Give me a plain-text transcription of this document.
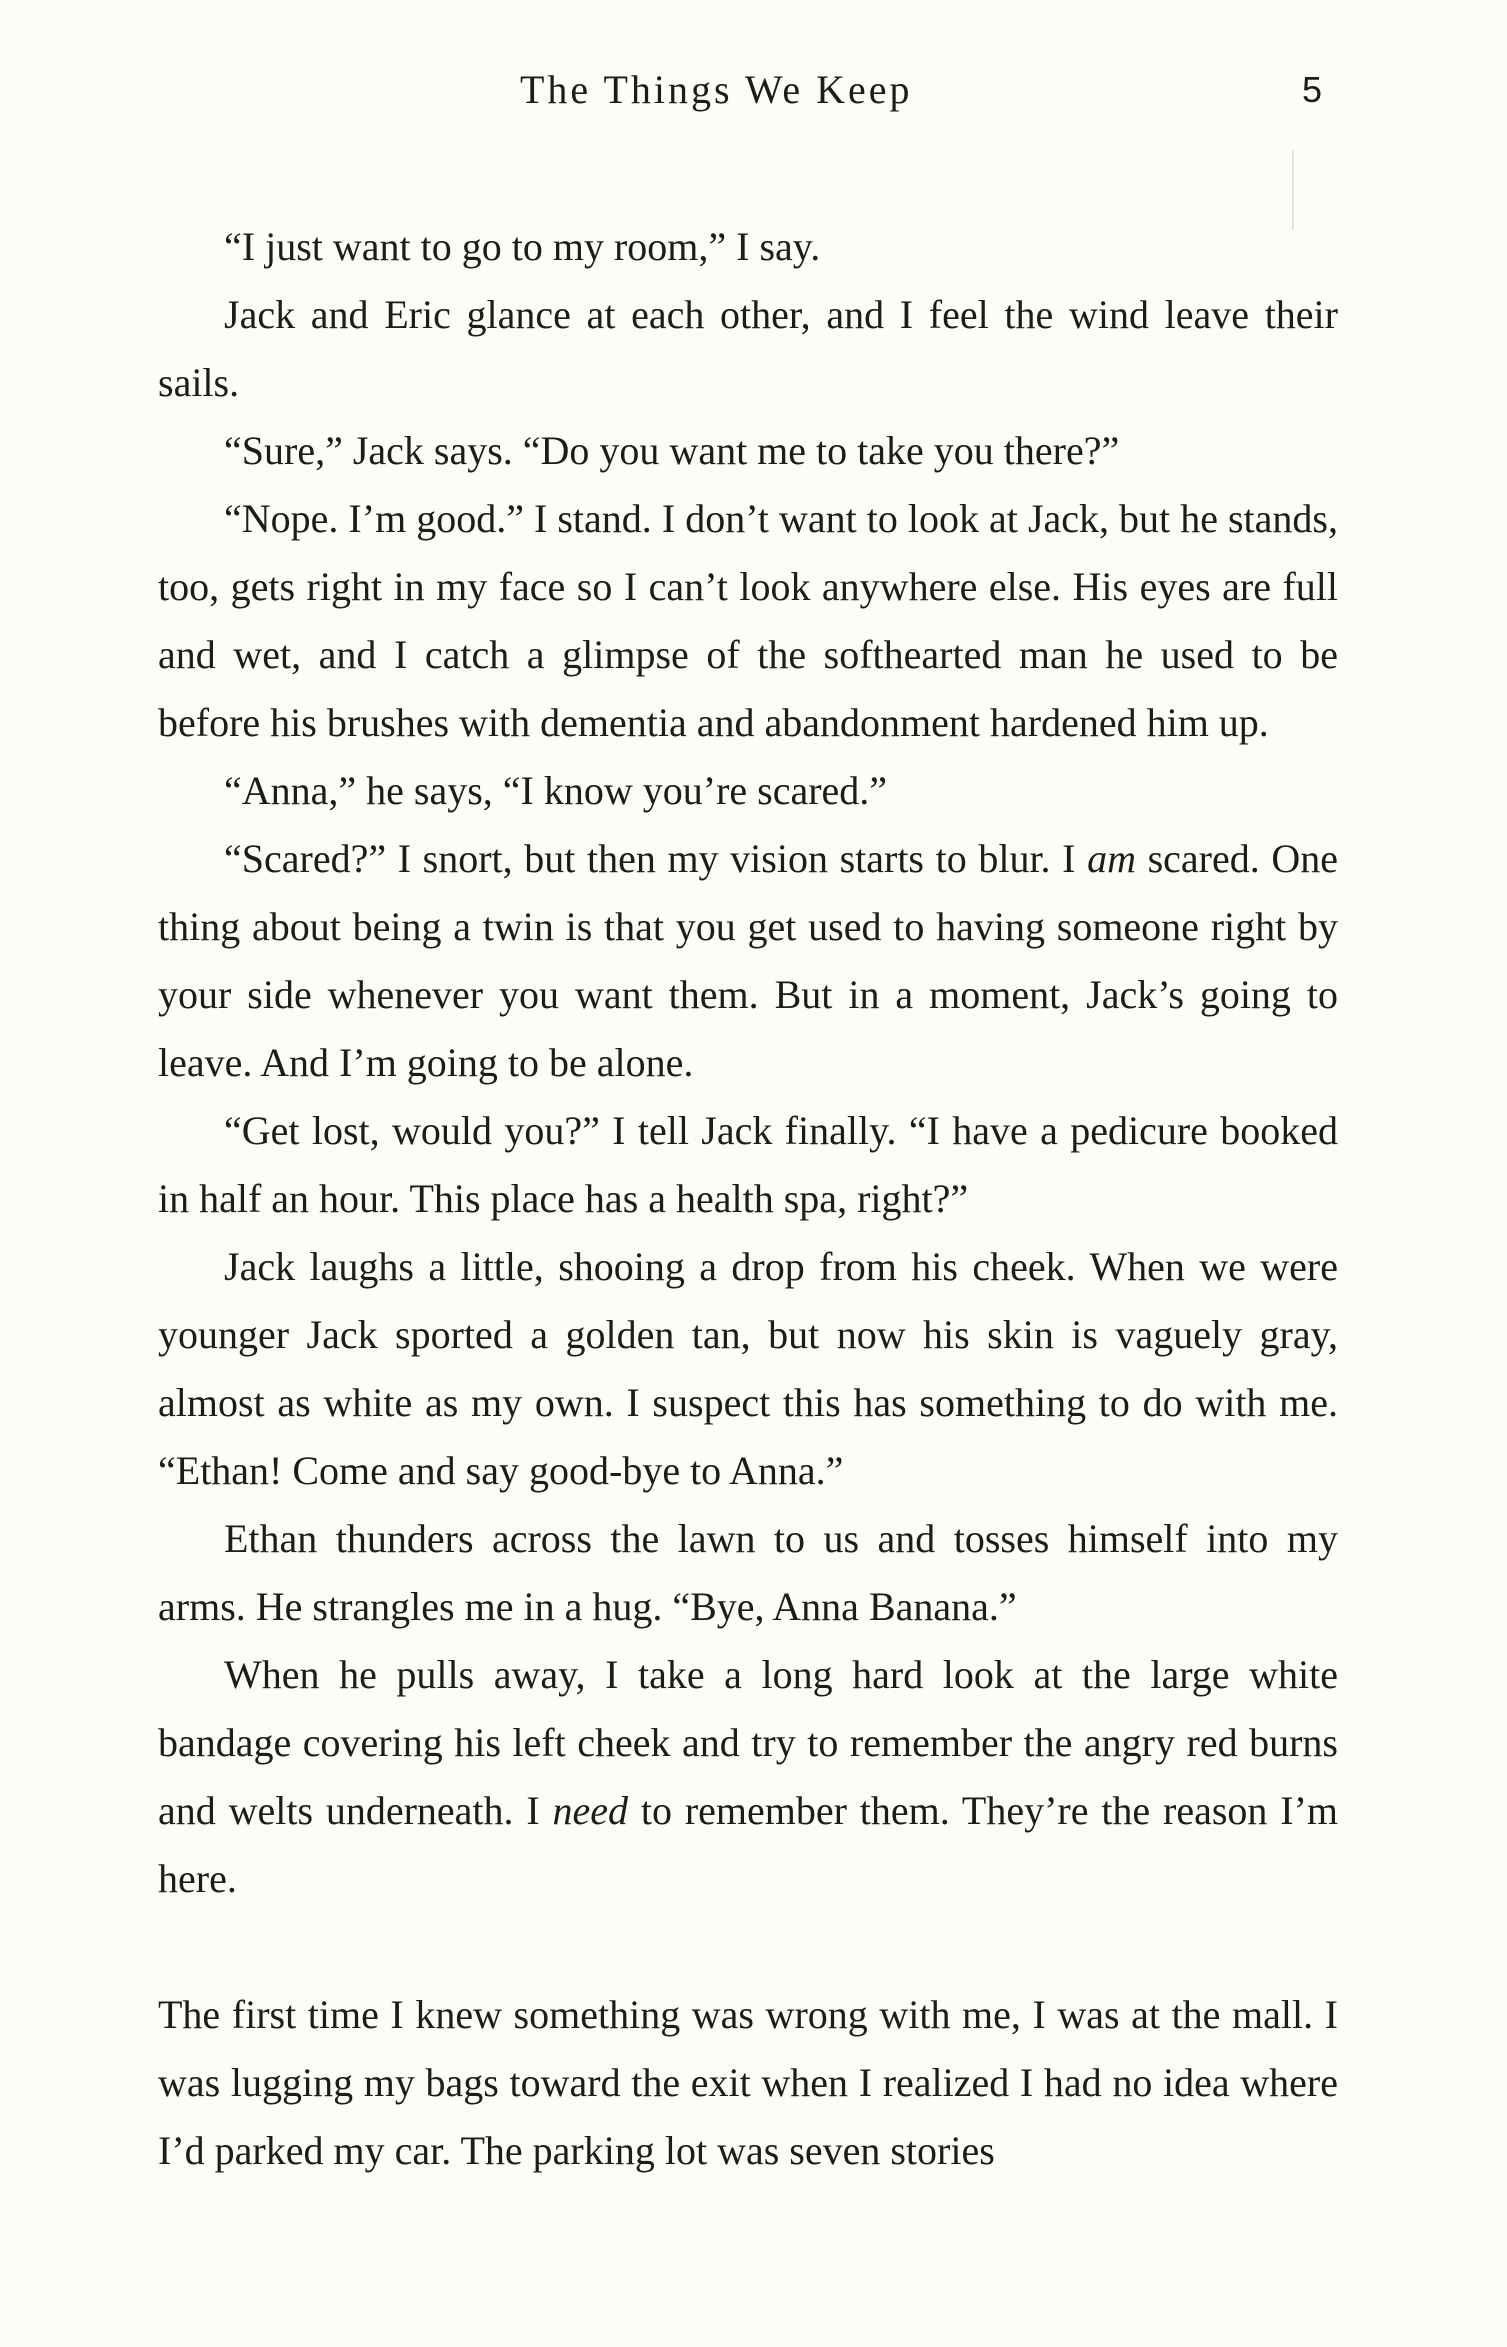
The Things We Keep	5

“I just want to go to my room,” I say.

Jack and Eric glance at each other, and I feel the wind leave their sails.

“Sure,” Jack says. “Do you want me to take you there?”

“Nope. I’m good.” I stand. I don’t want to look at Jack, but he stands, too, gets right in my face so I can’t look anywhere else. His eyes are full and wet, and I catch a glimpse of the softhearted man he used to be before his brushes with dementia and abandonment hardened him up.

“Anna,” he says, “I know you’re scared.”

“Scared?” I snort, but then my vision starts to blur. I am scared. One thing about being a twin is that you get used to having someone right by your side whenever you want them. But in a moment, Jack’s going to leave. And I’m going to be alone.

“Get lost, would you?” I tell Jack finally. “I have a pedicure booked in half an hour. This place has a health spa, right?”

Jack laughs a little, shooing a drop from his cheek. When we were younger Jack sported a golden tan, but now his skin is vaguely gray, almost as white as my own. I suspect this has something to do with me. “Ethan! Come and say good-bye to Anna.”

Ethan thunders across the lawn to us and tosses himself into my arms. He strangles me in a hug. “Bye, Anna Banana.”

When he pulls away, I take a long hard look at the large white bandage covering his left cheek and try to remember the angry red burns and welts underneath. I need to remember them. They’re the reason I’m here.

The first time I knew something was wrong with me, I was at the mall. I was lugging my bags toward the exit when I realized I had no idea where I’d parked my car. The parking lot was seven stories
